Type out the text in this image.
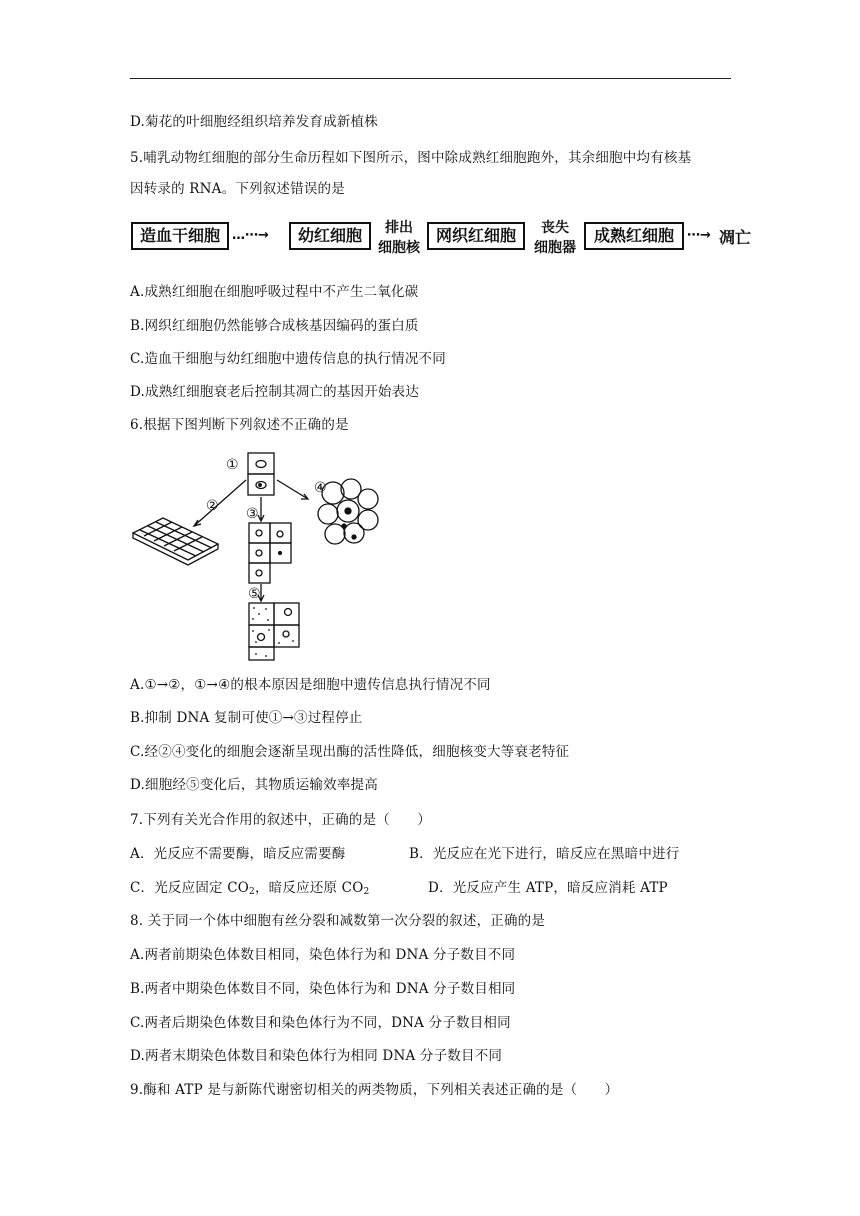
D.菊花的叶细胞经组织培养发育成新植株
5.哺乳动物红细胞的部分生命历程如下图所示，图中除成熟红细胞跑外，其余细胞中均有核基
因转录的 RNA。下列叙述错误的是
造血干细胞 …⋯→	幼红细胞	排出
细胞核
网织红细胞	丧失
细胞器
成熟红细胞	⋯→ 凋亡
A.成熟红细胞在细胞呼吸过程中不产生二氧化碳
B.网织红细胞仍然能够合成核基因编码的蛋白质
C.造血干细胞与幼红细胞中遗传信息的执行情况不同
D.成熟红细胞衰老后控制其凋亡的基因开始表达
6.根据下图判断下列叙述不正确的是
①
② ③
④
⑤
A.①→②，①→④的根本原因是细胞中遗传信息执行情况不同
B.抑制 DNA 复制可使①→③过程停止
C.经②④变化的细胞会逐渐呈现出酶的活性降低，细胞核变大等衰老特征
D.细胞经⑤变化后，其物质运输效率提高
7.下列有关光合作用的叙述中，正确的是（　　）
A．光反应不需要酶，暗反应需要酶	B．光反应在光下进行，暗反应在黑暗中进行
C．光反应固定 $CO_2$，暗反应还原 $CO_2$	D．光反应产生 ATP，暗反应消耗 ATP
8. 关于同一个体中细胞有丝分裂和减数第一次分裂的叙述，正确的是
A.两者前期染色体数目相同，染色体行为和 DNA 分子数目不同
B.两者中期染色体数目不同，染色体行为和 DNA 分子数目相同
C.两者后期染色体数目和染色体行为不同，DNA 分子数目相同
D.两者末期染色体数目和染色体行为相同 DNA 分子数目不同
9.酶和 ATP 是与新陈代谢密切相关的两类物质，下列相关表述正确的是（　　）
